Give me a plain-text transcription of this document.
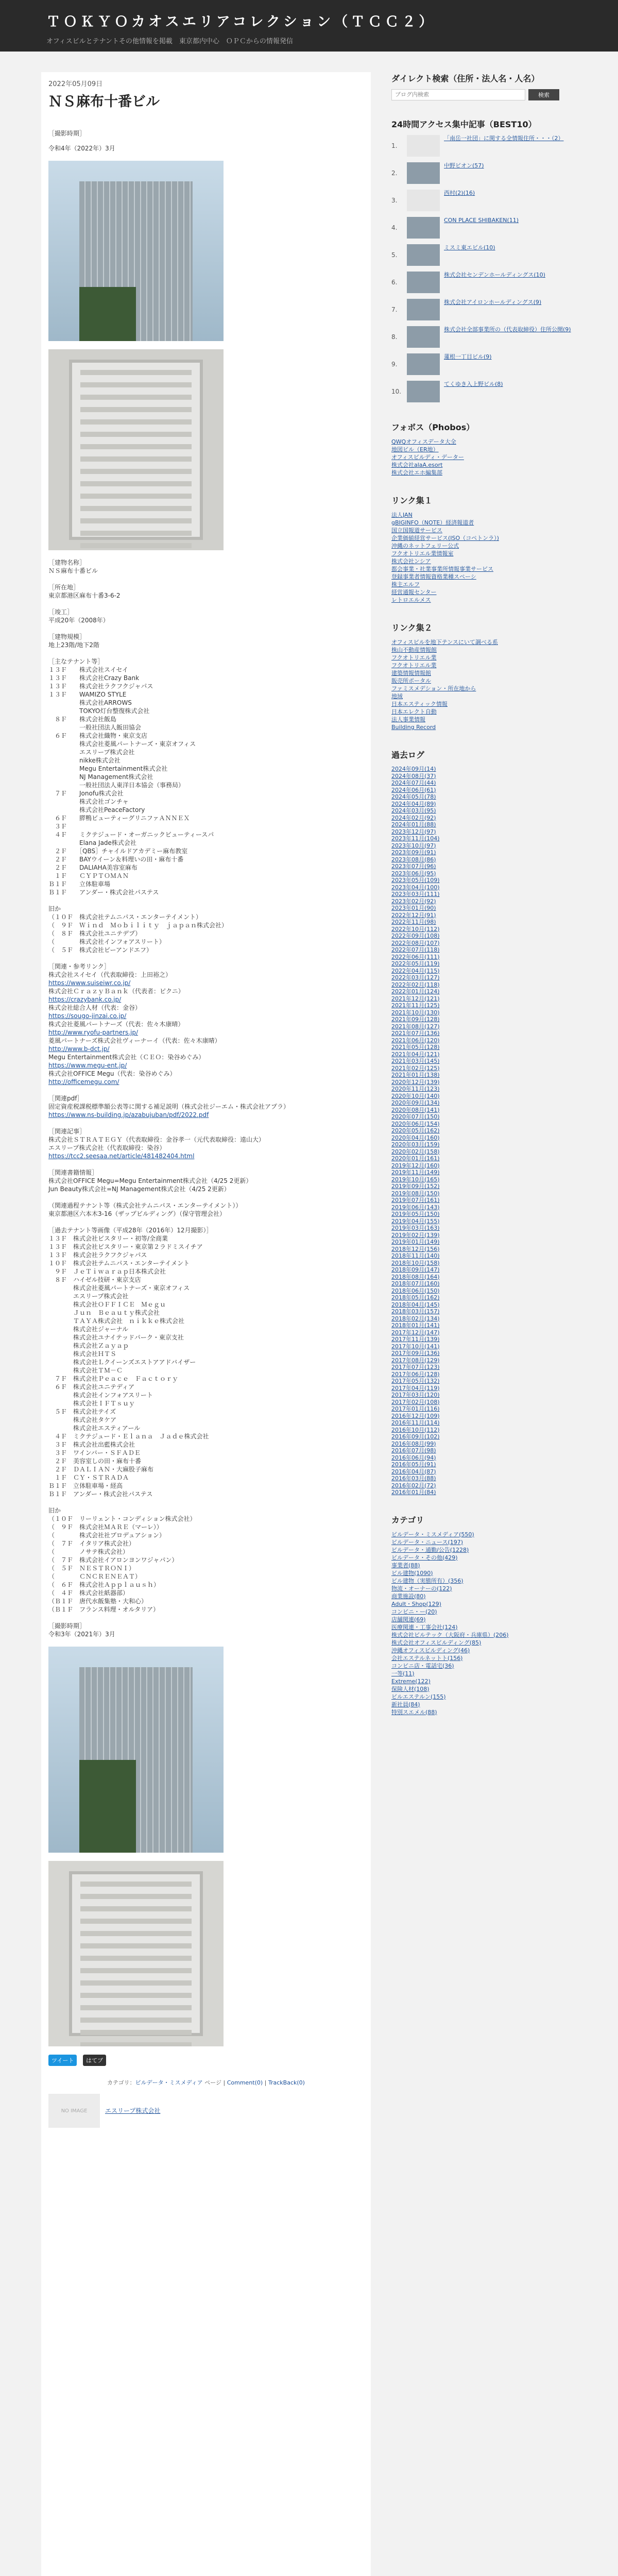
ＴＯＫＹＯカオスエリアコレクション（ＴＣＣ２）
オフィスビルとテナントその他情報を掲載　東京都内中心　ＯＰＣからの情報発信
2022年05月09日
ＮＳ麻布十番ビル
［撮影時期］
令和4年（2022年）3月
［建物名称］
ＮＳ麻布十番ビル
［所在地］
東京都港区麻布十番3-6-2
［竣工］
平成20年（2008年）
［建物規模］
地上23階/地下2階
［主なテナント等］
１３Ｆ　　株式会社スイセイ
１３Ｆ　　株式会社Crazy Bank
１３Ｆ　　株式会社ラクフクジャパス
１３Ｆ　　WAMIZO STYLE
　　　　　株式会社ARROWS
　　　　　TOKYO灯台整復株式会社
　８Ｆ　　株式会社飯島
　　　　　一般社団法人飯田協会
　６Ｆ　　株式会社織物・東京支店
　　　　　株式会社菱風パートナーズ・東京オフィス
　　　　　エスリープ株式会社
　　　　　nikke株式会社
　　　　　Megu Entertainment株式会社
　　　　　NJ Management株式会社
　　　　　一般社団法人東洋日本協会（事務局）
　７Ｆ　　Jonofu株式会社
　　　　　株式会社ゴンチャ
　　　　　株式会社PeaceFactory
　６Ｆ　　膵鴨ビューティーグリニファＡＮＮＥＸ
　３Ｆ
　４Ｆ　　ミクテジュード・オーガニックビューティースパ
　　　　　Elana Jade株式会社
　２Ｆ　　［QBS］チャイルドアカデミー麻布教室
　２Ｆ　　BAYウイーン＆料理いの田・麻布十番
　２Ｆ　　DALIAHA美容室麻布
　１Ｆ　　ＣＹＰＴＯＭＡＮ
Ｂ１Ｆ　　立体駐車場
Ｂ１Ｆ　　アンダー・株式会社パステス
旧か
（１０Ｆ　株式会社テムニパス・エンターテイメント）
（　９Ｆ　Ｗｉｎｄ　Ｍｏｂｉｌｉｔｙ　ｊａｐａｎ株式会社）
（　８Ｆ　株式会社ユニテデプ）
（　　　　株式会社インフォアスリート）
（　５Ｆ　株式会社ビーアンドエフ）
［関連・参考リンク］
株式会社スイセイ（代表取締役：上田裕之）
https://www.suiseiwr.co.jp/
株式会社ＣｒａｚｙＢａｎｋ（代表者：ピクニ）
https://crazybank.co.jp/
株式会社総合人材（代表：金谷）
https://sougo-jinzai.co.jp/
株式会社菱風パートナーズ（代表：佐々木康晴）
http://www.ryofu-partners.jp/
菱風パートナーズ株式会社ヴィーナーイ（代表：佐々木康晴）
http://www.b-dct.jp/
Megu Entertainment株式会社（ＣＥＯ：染谷めぐみ）
https://www.megu-ent.jp/
株式会社OFFICE Megu（代表：染谷めぐみ）
http://officemegu.com/
［関連pdf］
固定資産税課税標準額公表等に関する補足説明（株式会社ジーエム・株式会社アプラ）
https://www.ns-building.jp/azabujuban/pdf/2022.pdf
［関連記事］
株式会社ＳＴＲＡＴＥＧＹ（代表取締役：金谷孝一（元代表取締役：遠山大）
エスリープ株式会社（代表取締役：染谷）
https://tcc2.seesaa.net/article/481482404.html
［関連書籍情報］
株式会社OFFICE Megu=Megu Entertainment株式会社（4/25 2更新）
Jun Beauty株式会社=NJ Management株式会社（4/25 2更新）
（関連過程テナント等（株式会社テムニパス・エンターテイメント））
東京都港区六本木3-16（ザップビルディング）（保守管理会社）
［過去テナント等画像（平成28年（2016年）12月撮影）］
１３Ｆ　株式会社ビスタリー・初等/全商業
１３Ｆ　株式会社ビスタリー・東京第２ラドミスイチア
１３Ｆ　株式会社ラクフクジャパス
１０Ｆ　株式会社テムニパス・エンターテイメント
　９Ｆ　ＪｅＴｉｗａｒａｐ日本株式会社
　８Ｆ　ハイゼル技研・東京支店
　　　　株式会社菱風パートナーズ・東京オフィス
　　　　エスリープ株式会社
　　　　株式会社ＯＦＦＩＣＥ　Ｍｅｇｕ
　　　　Ｊｕｎ　Ｂｅａｕｔｙ株式会社
　　　　ＴＡＹＡ株式会社　ｎｉｋｋｅ株式会社
　　　　株式会社ジャーナル
　　　　株式会社ユナイテッドパーク・東京支社
　　　　株式会社Ｚａｙａｐ
　　　　株式会社ＨＴＳ
　　　　株式会社Ｌクイーンズエストアアドバイザー
　　　　株式会社ＴＭ－Ｃ
　７Ｆ　株式会社Ｐｅａｃｅ　Ｆａｃｔｏｒｙ
　６Ｆ　株式会社ユニテディア
　　　　株式会社インフォアスリート
　　　　株式会社ＩＦＴｓｕｙ
　５Ｆ　株式会社テイズ
　　　　株式会社タケア
　　　　株式会社エスティアール
　４Ｆ　ミクテジュード・Ｅｌａｎａ　Ｊａｄｅ株式会社
　３Ｆ　株式会社出藍株式会社
　３Ｆ　ワインバー・ＳＦＡＤＥ
　２Ｆ　美容室しの田・麻布十番
　２Ｆ　ＤＡＬＩＡＮ・大麻股子麻布
　１Ｆ　ＣＹ・ＳＴＲＡＤＡ
Ｂ１Ｆ　立体駐車場・経高
Ｂ１Ｆ　アンダー・株式会社パステス
旧か
（１０Ｆ　リーリェント・コンディション株式会社）
（　９Ｆ　株式会社ＭＡＲＥ（マーレ））
（　　　　株式会社社プロデュアション）
（　７Ｆ　イタリア株式会社）
（　　　　ノサテ株式会社）
（　７Ｆ　株式会社イアロンヨンワジャパン）
（　５Ｆ　ＮＥＳＴＲＯＮＩ）
（　　　　ＣＮＣＲＥＮＥＡＴ）
（　６Ｆ　株式会社Ａｐｐｌａｕｓｈ）
（　４Ｆ　株式会社紙器部）
（Ｂ１Ｆ　唐代水飯集塾・大和心）
（Ｂ１Ｆ　フランス料理・オルタリア）
［撮影時期］
令和3年（2021年）3月
ツイート はてブ
カテゴリ：ビルデータ・ミスメディア ページ | Comment(0) | TrackBack(0)
NO IMAGE	エスリープ株式会社
ダイレクト検索（住所・法人名・人名）
ブログ内検索
検索
24時間アクセス集中記事（BEST10）
1.
「南岳一社団」に関する全情報住所・・・（2）
2.
中野ビオン(57)
3.
西村(2)(16)
4.
CON PLACE SHIBAKEN(11)
5.
ミスミ東エビル(10)
6.
株式会社センデンホールディングス(10)
7.
株式会社アイロンホールディングス(9)
8.
株式会社全部事業所の（代表取締役）住所公開(9)
9.
蓮根一丁目ビル(9)
10.
てくゆき入上野ビル(8)
フォボス（Phobos）
QWQオフィスデータ大全
地図ビル（ER地）
オフィスビルディ・データー
株式会社alaA.esort
株式会社エホ編集部
リンク集１
法人JAN
gBIGINFO（NOTE）経済報道者
国立国報道サービス
企業価値経営サービス(ISO（コペトンラ）)
沖縄のネットフェリー公式
フクオトリエル業情報室
株式会社ンシア
都会事業・社業事業所情報事業サービス
登録事業者情報資格業種スペーシ
株主エルフ
経営通報センター
レトロエルメス
リンク集２
オフィスビルを地下テンスにいて調べる系
株山不動産情報館
フクオトリエル業
フクオトリエル業
建築情報情報館
販売所ポータル
ファミスメデション・所在地から
地域
日本エスティック情報
日本エレクト自動
法人事業情報
Building Record
過去ログ
2024年09月(14)
2024年08月(37)
2024年07月(44)
2024年06月(61)
2024年05月(78)
2024年04月(89)
2024年03月(95)
2024年02月(92)
2024年01月(88)
2023年12月(97)
2023年11月(104)
2023年10月(97)
2023年09月(91)
2023年08月(86)
2023年07月(96)
2023年06月(95)
2023年05月(109)
2023年04月(100)
2023年03月(111)
2023年02月(92)
2023年01月(90)
2022年12月(91)
2022年11月(98)
2022年10月(112)
2022年09月(108)
2022年08月(107)
2022年07月(118)
2022年06月(111)
2022年05月(119)
2022年04月(115)
2022年03月(127)
2022年02月(118)
2022年01月(124)
2021年12月(121)
2021年11月(125)
2021年10月(130)
2021年09月(128)
2021年08月(127)
2021年07月(136)
2021年06月(120)
2021年05月(128)
2021年04月(121)
2021年03月(145)
2021年02月(125)
2021年01月(138)
2020年12月(139)
2020年11月(123)
2020年10月(140)
2020年09月(134)
2020年08月(141)
2020年07月(150)
2020年06月(154)
2020年05月(162)
2020年04月(160)
2020年03月(159)
2020年02月(158)
2020年01月(161)
2019年12月(160)
2019年11月(149)
2019年10月(165)
2019年09月(152)
2019年08月(150)
2019年07月(161)
2019年06月(143)
2019年05月(150)
2019年04月(155)
2019年03月(163)
2019年02月(139)
2019年01月(149)
2018年12月(156)
2018年11月(140)
2018年10月(158)
2018年09月(147)
2018年08月(164)
2018年07月(160)
2018年06月(150)
2018年05月(162)
2018年04月(145)
2018年03月(157)
2018年02月(134)
2018年01月(141)
2017年12月(147)
2017年11月(139)
2017年10月(141)
2017年09月(136)
2017年08月(129)
2017年07月(123)
2017年06月(128)
2017年05月(132)
2017年04月(119)
2017年03月(120)
2017年02月(108)
2017年01月(116)
2016年12月(109)
2016年11月(114)
2016年10月(112)
2016年09月(102)
2016年08月(99)
2016年07月(98)
2016年06月(94)
2016年05月(91)
2016年04月(87)
2016年03月(88)
2016年02月(72)
2016年01月(84)
カテゴリ
ビルデータ・ミスメディア(550)
ビルデータ・ニュース(197)
ビルデータ・通勤/公告(1228)
ビルデータ・その他(429)
事業者(88)
ビル建物(1090)
ビル建物（実態所有）(356)
物流・オーナーの(122)
商業施設(80)
Adult・Shop(129)
コンビニ・ー(20)
店舗関連(69)
医療関連・工事会社(124)
株式会社ビルテック（大阪府・兵庫県）(206)
株式会社オフィスビルディング(85)
沖縄オフィスビルディング(46)
会社エステルネットト(156)
コンビニ店・電話宅(36)
一等(11)
Extreme(122)
保険人材(108)
ビルエステルン(155)
新社員(84)
特別スエメル(88)
